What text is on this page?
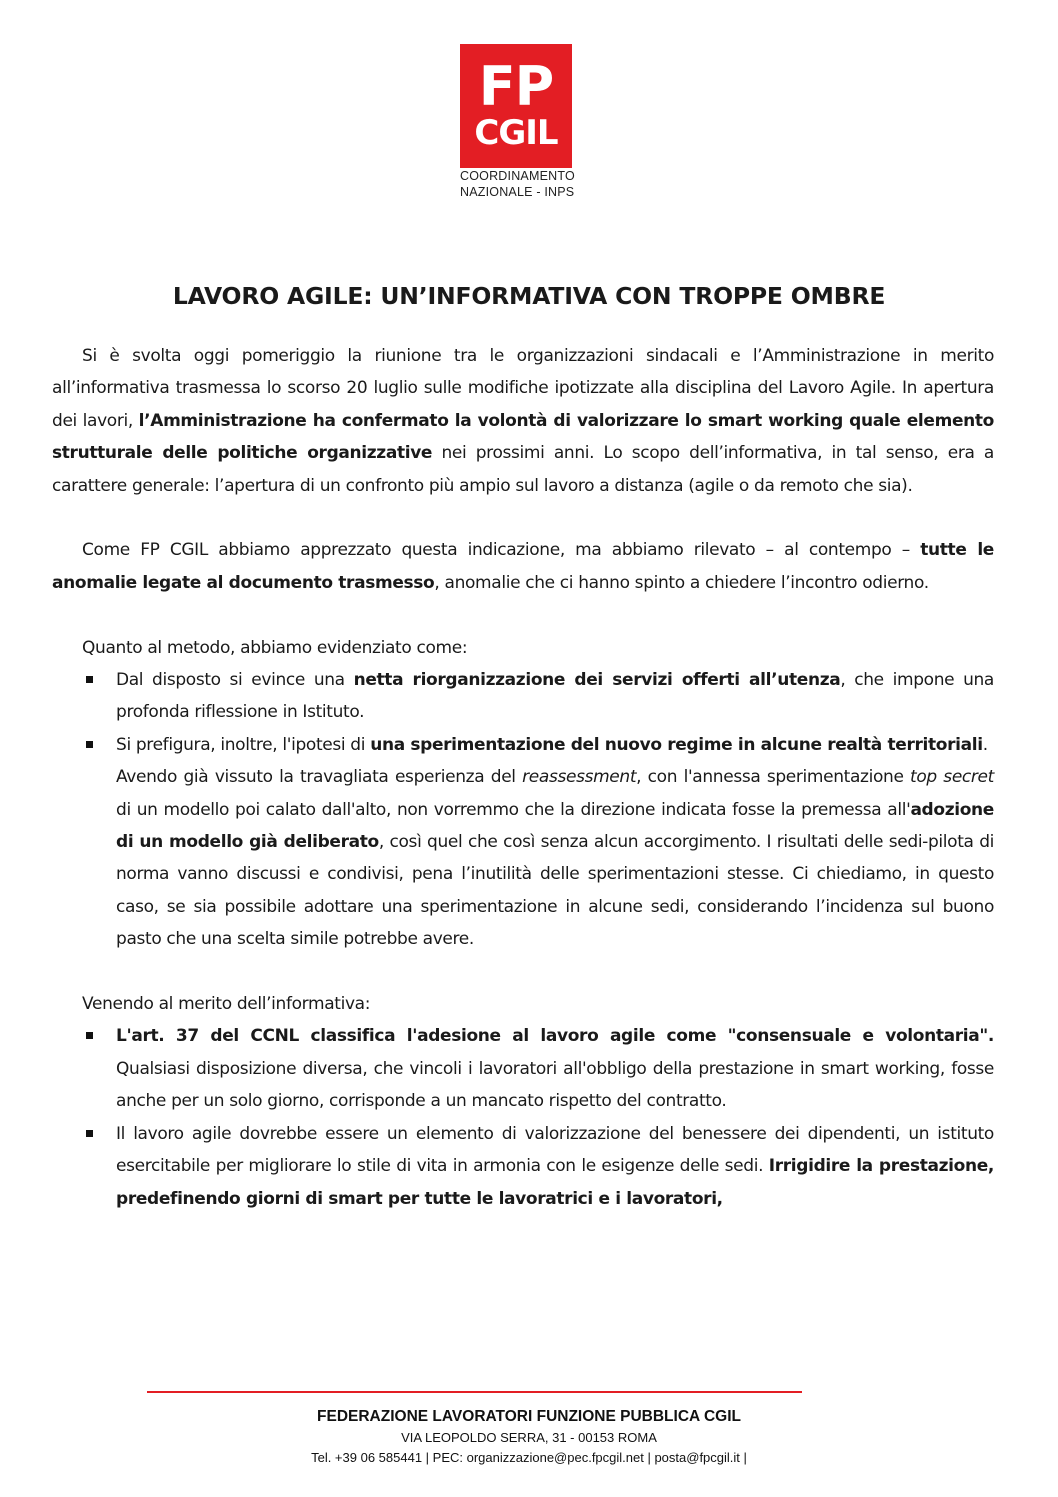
FP
CGIL
COORDINAMENTO
NAZIONALE - INPS
LAVORO AGILE: UN’INFORMATIVA CON TROPPE OMBRE

Si è svolta oggi pomeriggio la riunione tra le organizzazioni sindacali e l’Amministrazione in merito all’informativa trasmessa lo scorso 20 luglio sulle modifiche ipotizzate alla disciplina del Lavoro Agile. In apertura dei lavori, l’Amministrazione ha confermato la volontà di valorizzare lo smart working quale elemento strutturale delle politiche organizzative nei prossimi anni. Lo scopo dell’informativa, in tal senso, era a carattere generale: l’apertura di un confronto più ampio sul lavoro a distanza (agile o da remoto che sia).

Come FP CGIL abbiamo apprezzato questa indicazione, ma abbiamo rilevato – al contempo – tutte le anomalie legate al documento trasmesso, anomalie che ci hanno spinto a chiedere l’incontro odierno.

Quanto al metodo, abbiamo evidenziato come:

Dal disposto si evince una netta riorganizzazione dei servizi offerti all’utenza, che impone una profonda riflessione in Istituto.
Si prefigura, inoltre, l'ipotesi di una sperimentazione del nuovo regime in alcune realtà territoriali.
Avendo già vissuto la travagliata esperienza del reassessment, con l'annessa sperimentazione top secret di un modello poi calato dall'alto, non vorremmo che la direzione indicata fosse la premessa all'adozione di un modello già deliberato, così quel che così senza alcun accorgimento. I risultati delle sedi-pilota di norma vanno discussi e condivisi, pena l’inutilità delle sperimentazioni stesse. Ci chiediamo, in questo caso, se sia possibile adottare una sperimentazione in alcune sedi, considerando l’incidenza sul buono pasto che una scelta simile potrebbe avere.

Venendo al merito dell’informativa:

L'art. 37 del CCNL classifica l'adesione al lavoro agile come "consensuale e volontaria". Qualsiasi disposizione diversa, che vincoli i lavoratori all'obbligo della prestazione in smart working, fosse anche per un solo giorno, corrisponde a un mancato rispetto del contratto.
Il lavoro agile dovrebbe essere un elemento di valorizzazione del benessere dei dipendenti, un istituto esercitabile per migliorare lo stile di vita in armonia con le esigenze delle sedi. Irrigidire la prestazione, predefinendo giorni di smart per tutte le lavoratrici e i lavoratori,
FEDERAZIONE LAVORATORI FUNZIONE PUBBLICA CGIL
VIA LEOPOLDO SERRA, 31 - 00153 ROMA
Tel. +39 06 585441 | PEC: organizzazione@pec.fpcgil.net | posta@fpcgil.it |
